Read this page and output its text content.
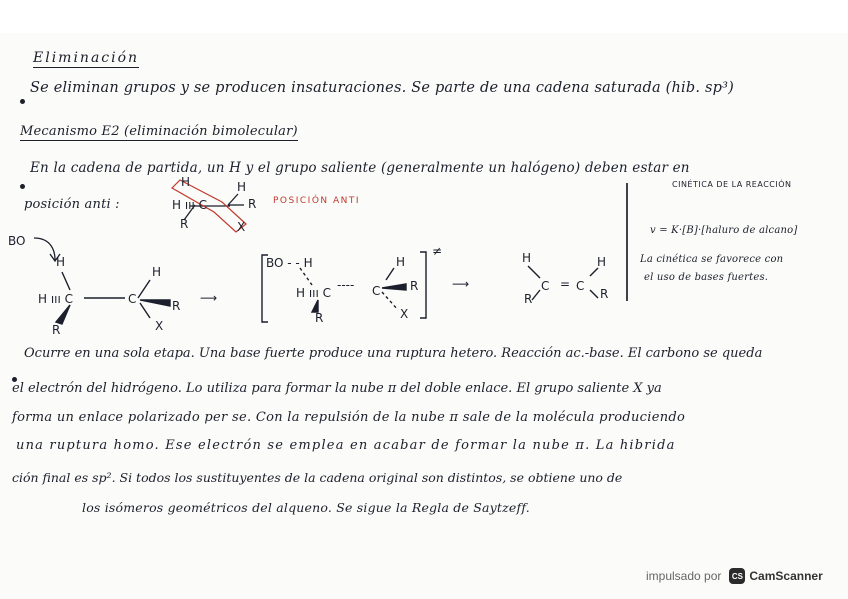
Eliminación
Se eliminan grupos y se producen insaturaciones. Se parte de una cadena saturada (hib. sp³)
Mecanismo E2 (eliminación bimolecular)
En la cadena de partida, un H y el grupo saliente (generalmente un halógeno) deben estar en
posición anti :	POSICIÓN ANTI
CINÉTICA DE LA REACCIÓN
v = K·[B]·[haluro de alcano]
La cinética se favorece con
el uso de bases fuertes.
H
H ııı C
H
R
R	X
BO
H
H ııı C
R
C
H
R
X
⟶
BO - - H
H ııı C
---- C
H
R
R	X
≠
⟶
H
C = C
H
R	R
Ocurre en una sola etapa. Una base fuerte produce una ruptura hetero. Reacción ac.-base. El carbono se queda
el electrón del hidrógeno. Lo utiliza para formar la nube π del doble enlace. El grupo saliente X ya
forma un enlace polarizado per se. Con la repulsión de la nube π sale de la molécula produciendo
una ruptura homo. Ese electrón se emplea en acabar de formar la nube π. La hibrida
ción final es sp². Si todos los sustituyentes de la cadena original son distintos, se obtiene uno de
los isómeros geométricos del alqueno. Se sigue la Regla de Saytzeff.
impulsado por	CS CamScanner
